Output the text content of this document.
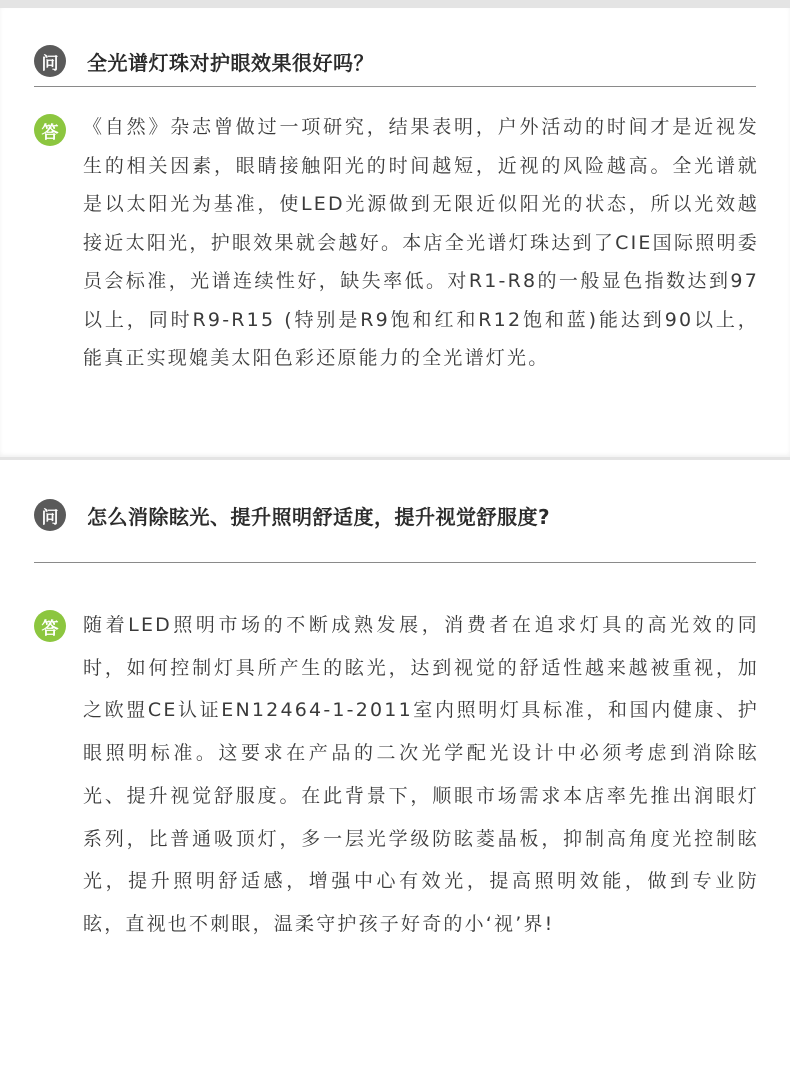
问	全光谱灯珠对护眼效果很好吗？
答	《自然》杂志曾做过一项研究，结果表明，户外活动的时间才是近视发生的相关因素，眼睛接触阳光的时间越短，近视的风险越高。全光谱就是以太阳光为基准，使LED光源做到无限近似阳光的状态，所以光效越接近太阳光，护眼效果就会越好。本店全光谱灯珠达到了CIE国际照明委员会标准，光谱连续性好，缺失率低。对R1-R8的一般显色指数达到97以上，同时R9-R15 (特别是R9饱和红和R12饱和蓝)能达到90以上，能真正实现媲美太阳色彩还原能力的全光谱灯光。
问	怎么消除眩光、提升照明舒适度，提升视觉舒服度?
答	随着LED照明市场的不断成熟发展，消费者在追求灯具的高光效的同时，如何控制灯具所产生的眩光，达到视觉的舒适性越来越被重视，加之欧盟CE认证EN12464-1-2011室内照明灯具标准，和国内健康、护眼照明标准。这要求在产品的二次光学配光设计中必须考虑到消除眩光、提升视觉舒服度。在此背景下，顺眼市场需求本店率先推出润眼灯系列，比普通吸顶灯，多一层光学级防眩菱晶板，抑制高角度光控制眩光，提升照明舒适感，增强中心有效光，提高照明效能，做到专业防眩，直视也不刺眼，温柔守护孩子好奇的小‘视’界!
